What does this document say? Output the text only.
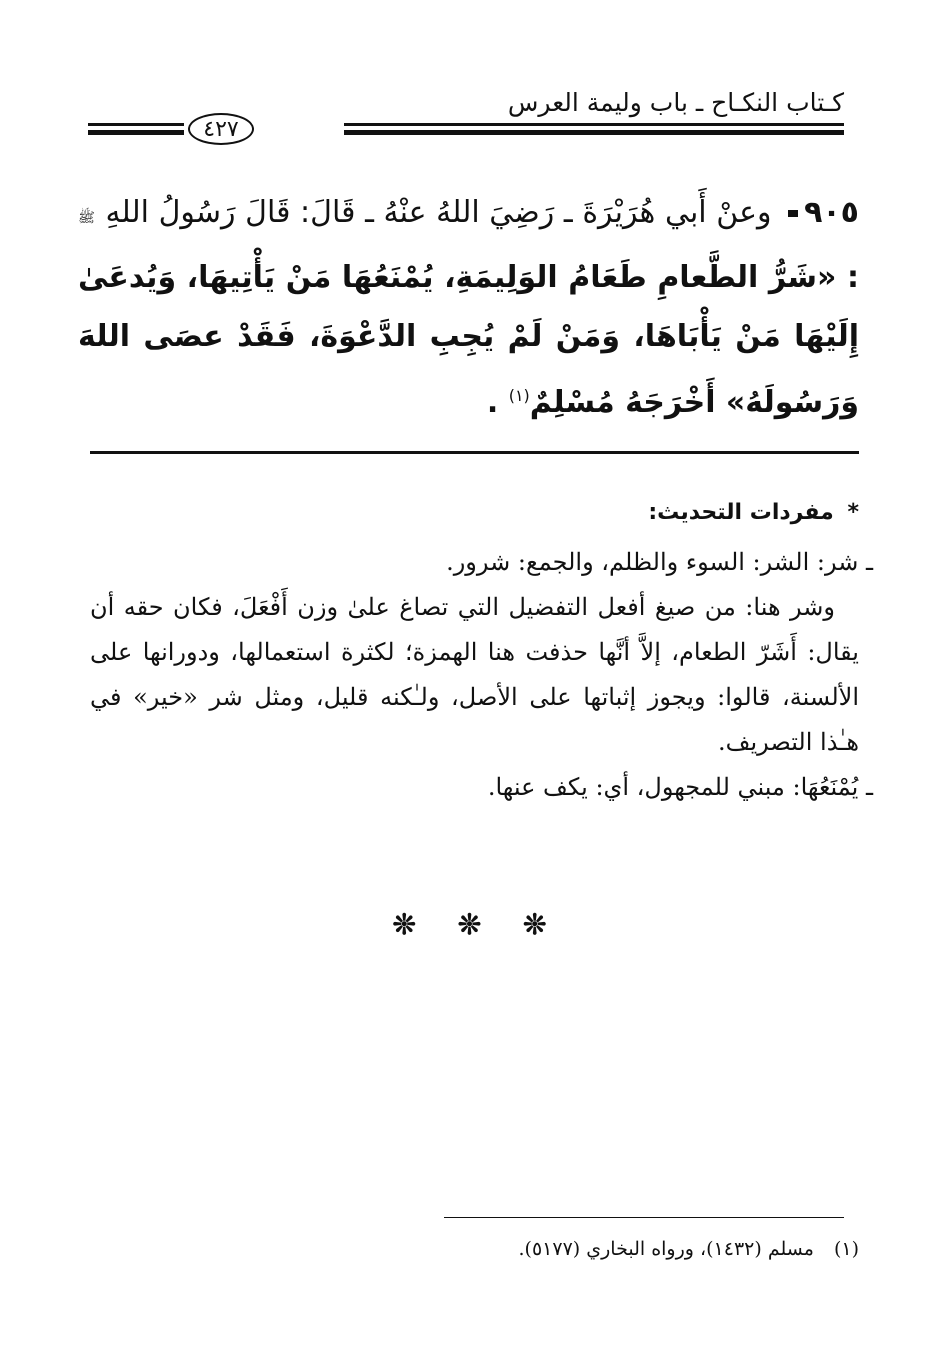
كـتاب النكـاح ـ باب وليمة العرس
٤٢٧
٩٠٥ وعنْ أَبي هُرَيْرَةَ ـ رَضِيَ اللهُ عنْهُ ـ قَالَ: قَالَ رَسُولُ اللهِ ﷺ : «شَرُّ الطَّعامِ طَعَامُ الوَلِيمَةِ، يُمْنَعُهَا مَنْ يَأْتِيهَا، وَيُدعَىٰ إِلَيْهَا مَنْ يَأْبَاهَا، وَمَنْ لَمْ يُجِبِ الدَّعْوَةَ، فَقَدْ عصَى اللهَ وَرَسُولَهُ» أَخْرَجَهُ مُسْلِمٌ$^{(١)}$ .
* مفردات التحديث:

ـ شر: الشر: السوء والظلم، والجمع: شرور.

وشر هنا: من صيغ أفعل التفضيل التي تصاغ علىٰ وزن أَفْعَلَ، فكان حقه أن يقال: أَشَرّ الطعام، إلاَّ أنَّها حذفت هنا الهمزة؛ لكثرة استعمالها، ودورانها على الألسنة، قالوا: ويجوز إثباتها على الأصل، ولـٰكنه قليل، ومثل شر «خير» في هـٰذا التصريف.

ـ يُمْنَعُهَا: مبني للمجهول، أي: يكف عنها.

❊ ❊ ❊
(١) مسلم (١٤٣٢)، ورواه البخاري (٥١٧٧).
